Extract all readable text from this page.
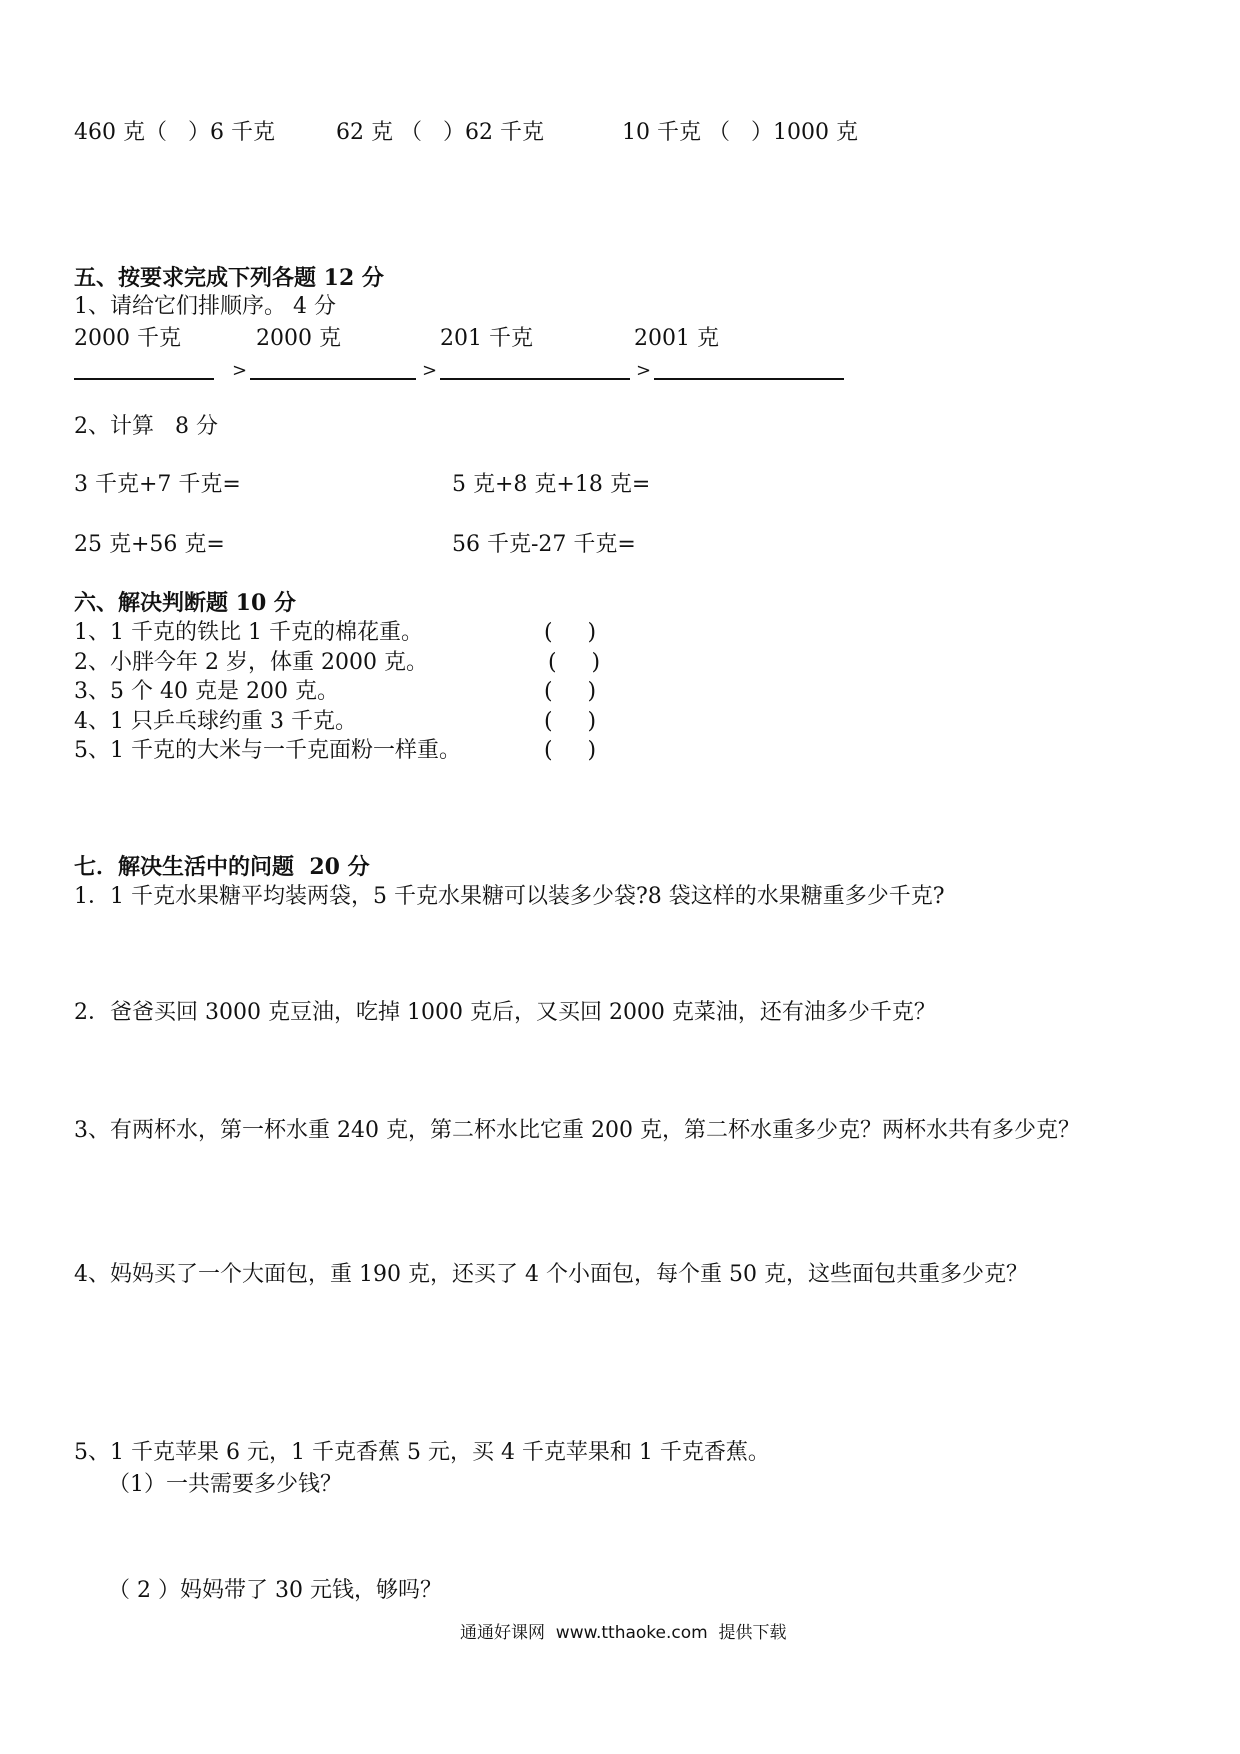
460 克（   ）6 千克	62 克 （   ）62 千克	10 千克 （   ）1000 克
五、按要求完成下列各题 12 分
1、请给它们排顺序。 4 分
2000 千克	2000 克	201 千克	2001 克
>	>	>
2、计算   8 分
3 千克+7 千克=	5 克+8 克+18 克=
25 克+56 克=	56 千克-27 千克=
六、解决判断题 10 分
1、1 千克的铁比 1 千克的棉花重。	(     )
2、小胖今年 2 岁，体重 2000 克。	(     )
3、5 个 40 克是 200 克。	(     )
4、1 只乒乓球约重 3 千克。	(     )
5、1 千克的大米与一千克面粉一样重。	(     )
七．解决生活中的问题  20 分
1．1 千克水果糖平均装两袋，5 千克水果糖可以装多少袋?8 袋这样的水果糖重多少千克?
2．爸爸买回 3000 克豆油，吃掉 1000 克后，又买回 2000 克菜油，还有油多少千克？
3、有两杯水，第一杯水重 240 克，第二杯水比它重 200 克，第二杯水重多少克？两杯水共有多少克？
4、妈妈买了一个大面包，重 190 克，还买了 4 个小面包，每个重 50 克，这些面包共重多少克？
5、1 千克苹果 6 元，1 千克香蕉 5 元，买 4 千克苹果和 1 千克香蕉。
（1）一共需要多少钱？
（ 2 ）妈妈带了 30 元钱，够吗？
通通好课网  www.tthaoke.com  提供下载
